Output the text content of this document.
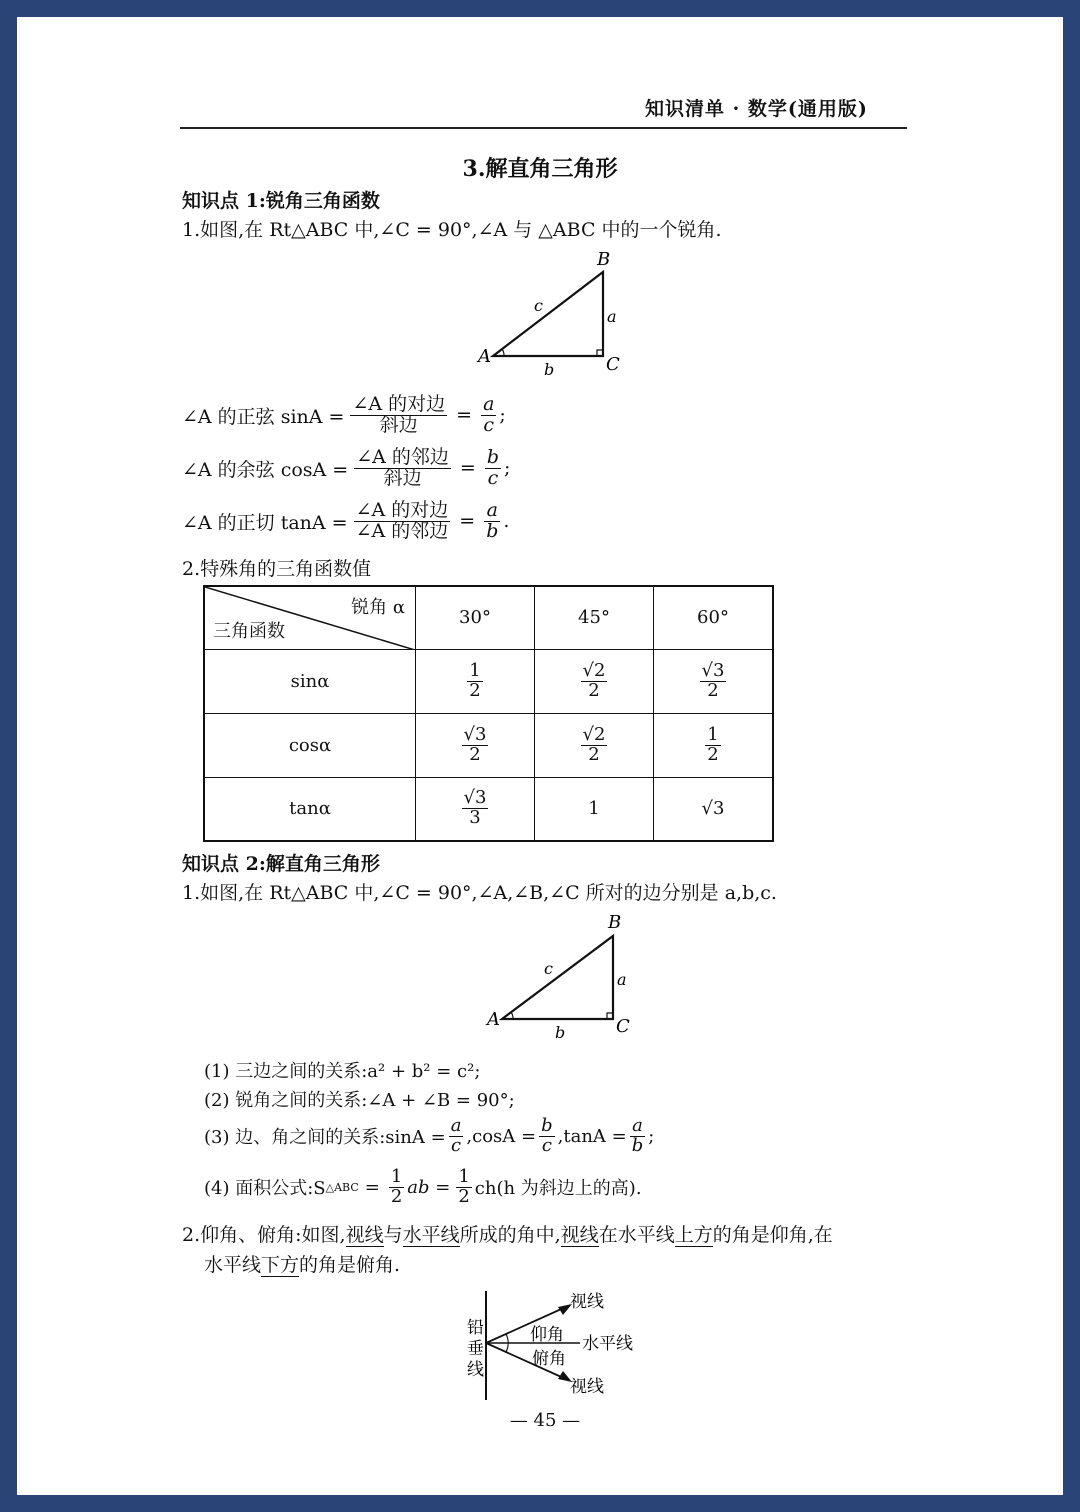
知识清单 · 数学(通用版)
3.解直角三角形
知识点 1:锐角三角函数
1.如图,在 Rt△ABC 中,∠C = 90°,∠A 与 △ABC 中的一个锐角.
A
B
C
a
b
c
∠A 的正弦 $\sin A = \frac{\text{∠A 的对边}}{\text{斜边}} = \frac{a}{c}$ ;
∠A 的余弦 $\cos A = \frac{\text{∠A 的邻边}}{\text{斜边}} = \frac{b}{c}$ ;
∠A 的正切 $\tan A = \frac{\text{∠A 的对边}}{\text{∠A 的邻边}} = \frac{a}{b}$ .
2.特殊角的三角函数值
锐角 α
三角函数	30°	45°	60°
sinα	$\frac{1}{2}$	$\frac{√2}{2}$	$\frac{√3}{2}$

cosα	$\frac{√3}{2}$	$\frac{√2}{2}$	$\frac{1}{2}$

tanα	$\frac{√3}{3}$	1	√3
知识点 2:解直角三角形
1.如图,在 Rt△ABC 中,∠C = 90°,∠A,∠B,∠C 所对的边分别是 a,b,c.
A
B
C
a
b
c
(1) 三边之间的关系:a² + b² = c²;
(2) 锐角之间的关系:∠A + ∠B = 90°;
(3) 边、角之间的关系:sinA = $\frac{a}{c} ,\cos A = \frac{b}{c} ,\tan A = \frac{a}{b}$ ;
(4) 面积公式:S △ABC = $\frac{1}{2}$ ab = $\frac{1}{2} ch(h$ 为斜边上的高).
2.仰角、俯角:如图,视线与水平线所成的角中,视线在水平线上方的角是仰角,在
水平线下方的角是俯角.
视线
视线
仰角
俯角
水平线
铅
垂
线
— 45 —
